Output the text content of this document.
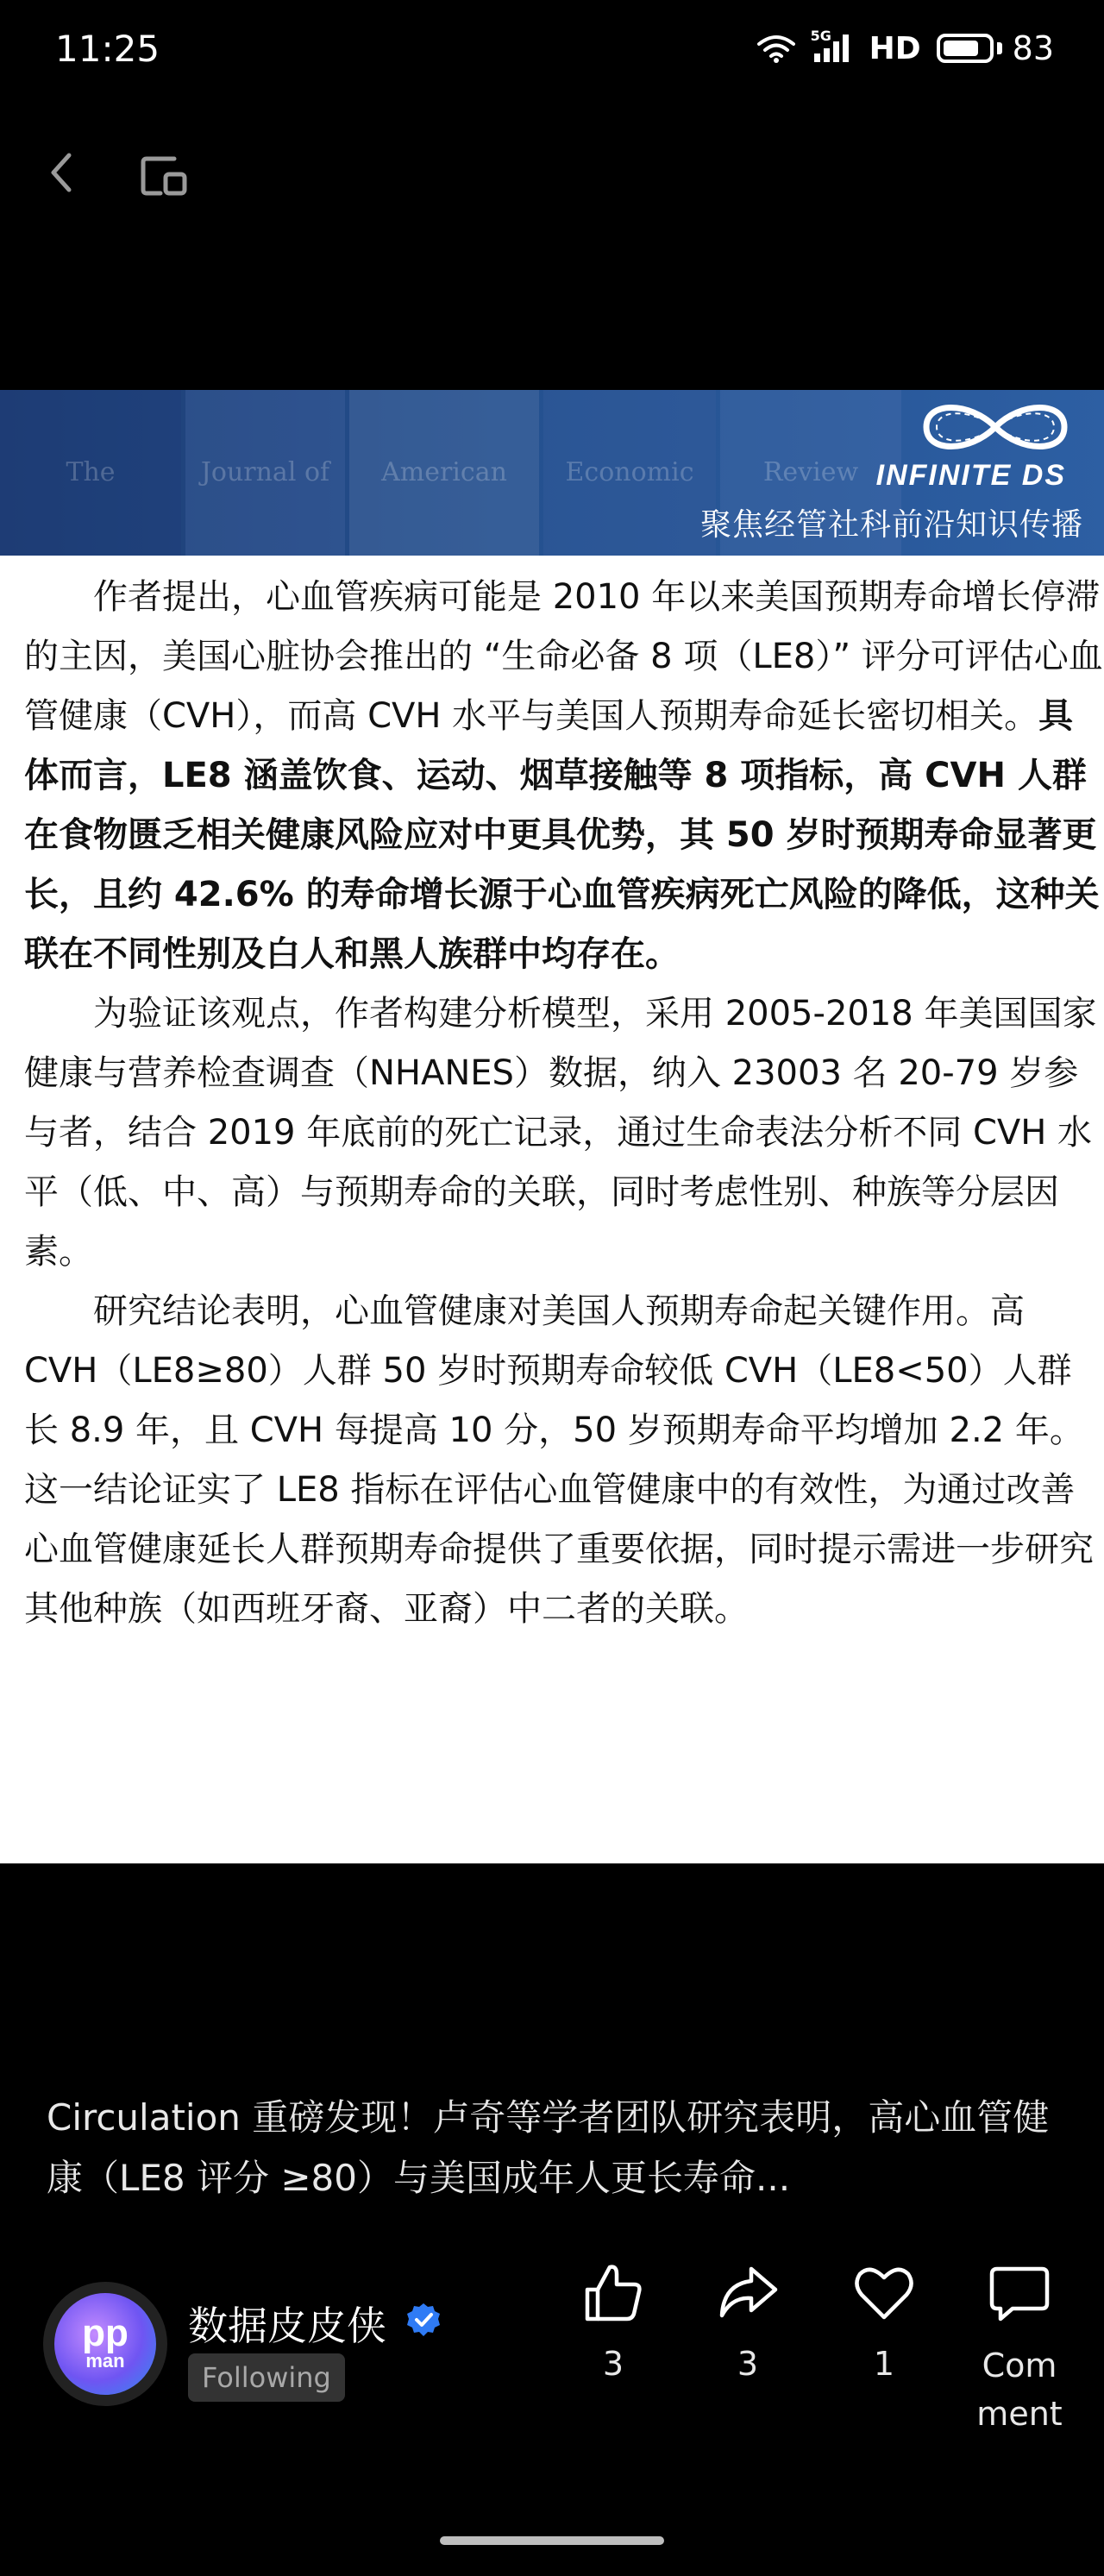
11:25	5G HD	83
The	Journal of American Economic	Review INFINITE DS
聚焦经管社科前沿知识传播

作者提出，心血管疾病可能是 2010 年以来美国预期寿命增长停滞的主因，美国心脏协会推出的 “生命必备 8 项（LE8）” 评分可评估心血管健康（CVH），而高 CVH 水平与美国人预期寿命延长密切相关。具体而言，LE8 涵盖饮食、运动、烟草接触等 8 项指标，高 CVH 人群在食物匮乏相关健康风险应对中更具优势，其 50 岁时预期寿命显著更长，且约 42.6% 的寿命增长源于心血管疾病死亡风险的降低，这种关联在不同性别及白人和黑人族群中均存在。

为验证该观点，作者构建分析模型，采用 2005-2018 年美国国家健康与营养检查调查（NHANES）数据，纳入 23003 名 20-79 岁参与者，结合 2019 年底前的死亡记录，通过生命表法分析不同 CVH 水平（低、中、高）与预期寿命的关联，同时考虑性别、种族等分层因素。

研究结论表明，心血管健康对美国人预期寿命起关键作用。高 CVH（LE8≥80）人群 50 岁时预期寿命较低 CVH（LE8<50）人群长 8.9 年，且 CVH 每提高 10 分，50 岁预期寿命平均增加 2.2 年。这一结论证实了 LE8 指标在评估心血管健康中的有效性，为通过改善心血管健康延长人群预期寿命提供了重要依据，同时提示需进一步研究其他种族（如西班牙裔、亚裔）中二者的关联。

Circulation 重磅发现！卢奇等学者团队研究表明，高心血管健康（LE8 评分 ≥80）与美国成年人更长寿命...
pp
man
数据皮皮侠
Following	3	3	1	Comment
